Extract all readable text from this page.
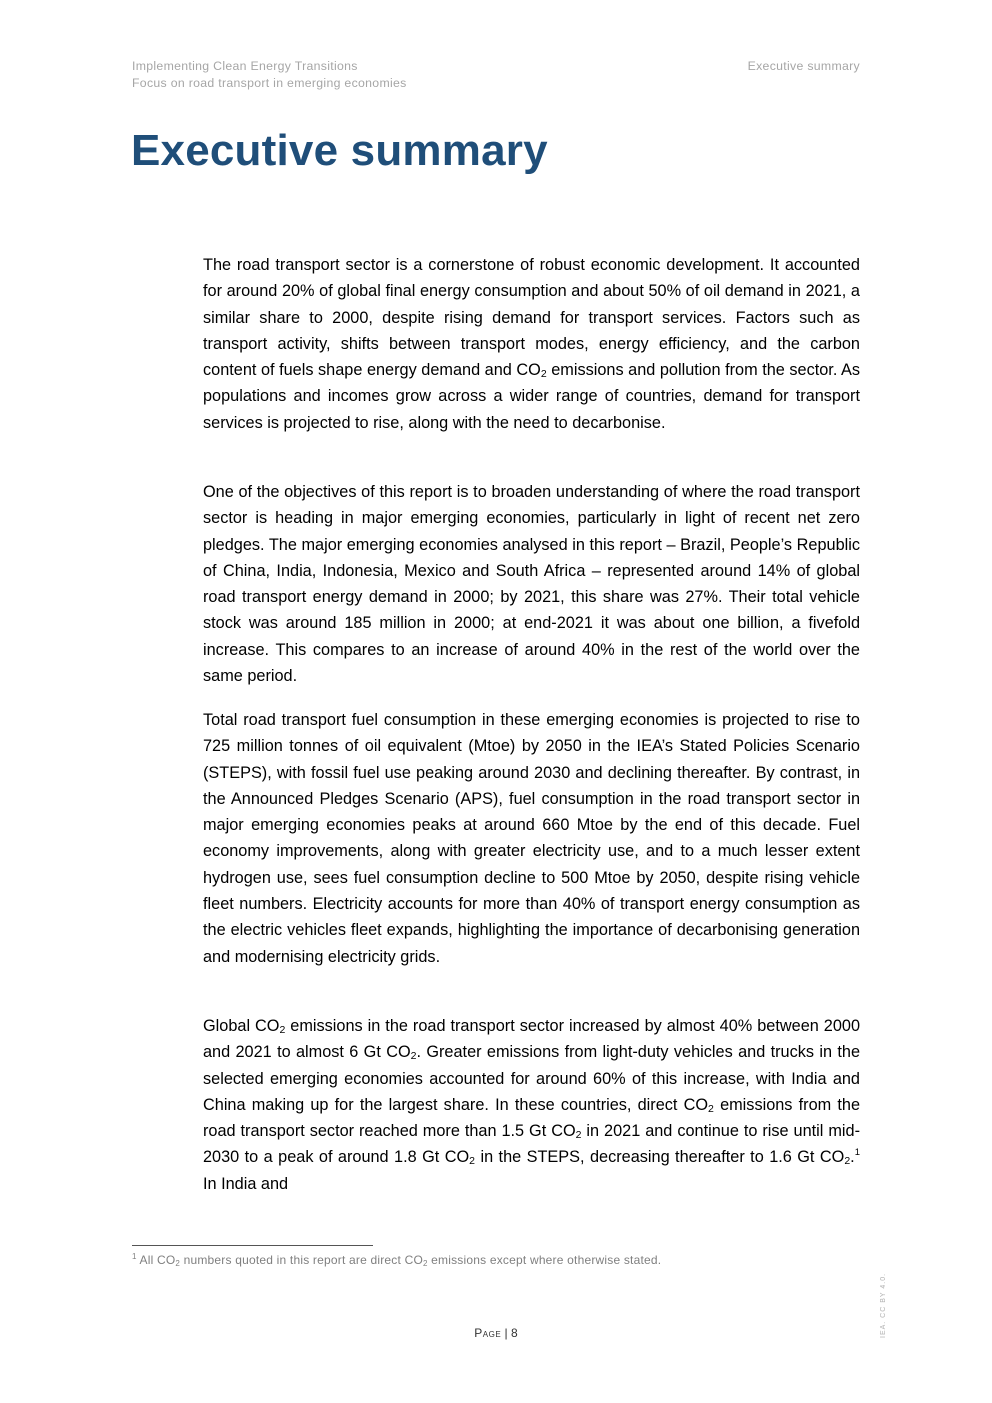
Implementing Clean Energy Transitions
Focus on road transport in emerging economies
Executive summary
Executive summary

The road transport sector is a cornerstone of robust economic development. It accounted for around 20% of global final energy consumption and about 50% of oil demand in 2021, a similar share to 2000, despite rising demand for transport services. Factors such as transport activity, shifts between transport modes, energy efficiency, and the carbon content of fuels shape energy demand and $CO_2$ emissions and pollution from the sector. As populations and incomes grow across a wider range of countries, demand for transport services is projected to rise, along with the need to decarbonise.

One of the objectives of this report is to broaden understanding of where the road transport sector is heading in major emerging economies, particularly in light of recent net zero pledges. The major emerging economies analysed in this report – Brazil, People’s Republic of China, India, Indonesia, Mexico and South Africa – represented around 14% of global road transport energy demand in 2000; by 2021, this share was 27%. Their total vehicle stock was around 185 million in 2000; at end-2021 it was about one billion, a fivefold increase. This compares to an increase of around 40% in the rest of the world over the same period.

Total road transport fuel consumption in these emerging economies is projected to rise to 725 million tonnes of oil equivalent (Mtoe) by 2050 in the IEA’s Stated Policies Scenario (STEPS), with fossil fuel use peaking around 2030 and declining thereafter. By contrast, in the Announced Pledges Scenario (APS), fuel consumption in the road transport sector in major emerging economies peaks at around 660 Mtoe by the end of this decade. Fuel economy improvements, along with greater electricity use, and to a much lesser extent hydrogen use, sees fuel consumption decline to 500 Mtoe by 2050, despite rising vehicle fleet numbers. Electricity accounts for more than 40% of transport energy consumption as the electric vehicles fleet expands, highlighting the importance of decarbonising generation and modernising electricity grids.

Global $CO_2$ emissions in the road transport sector increased by almost 40% between 2000 and 2021 to almost 6 Gt $CO_2$. Greater emissions from light-duty vehicles and trucks in the selected emerging economies accounted for around 60% of this increase, with India and China making up for the largest share. In these countries, direct $CO_2$ emissions from the road transport sector reached more than 1.5 Gt $CO_2$ in 2021 and continue to rise until mid-2030 to a peak of around 1.8 Gt $CO_2$ in the STEPS, decreasing thereafter to 1.6 Gt $CO_2.^1$ In India and

$^1$ All $CO_2$ numbers quoted in this report are direct $CO_2$ emissions except where otherwise stated.
Page | 8	IEA. CC BY 4.0.
